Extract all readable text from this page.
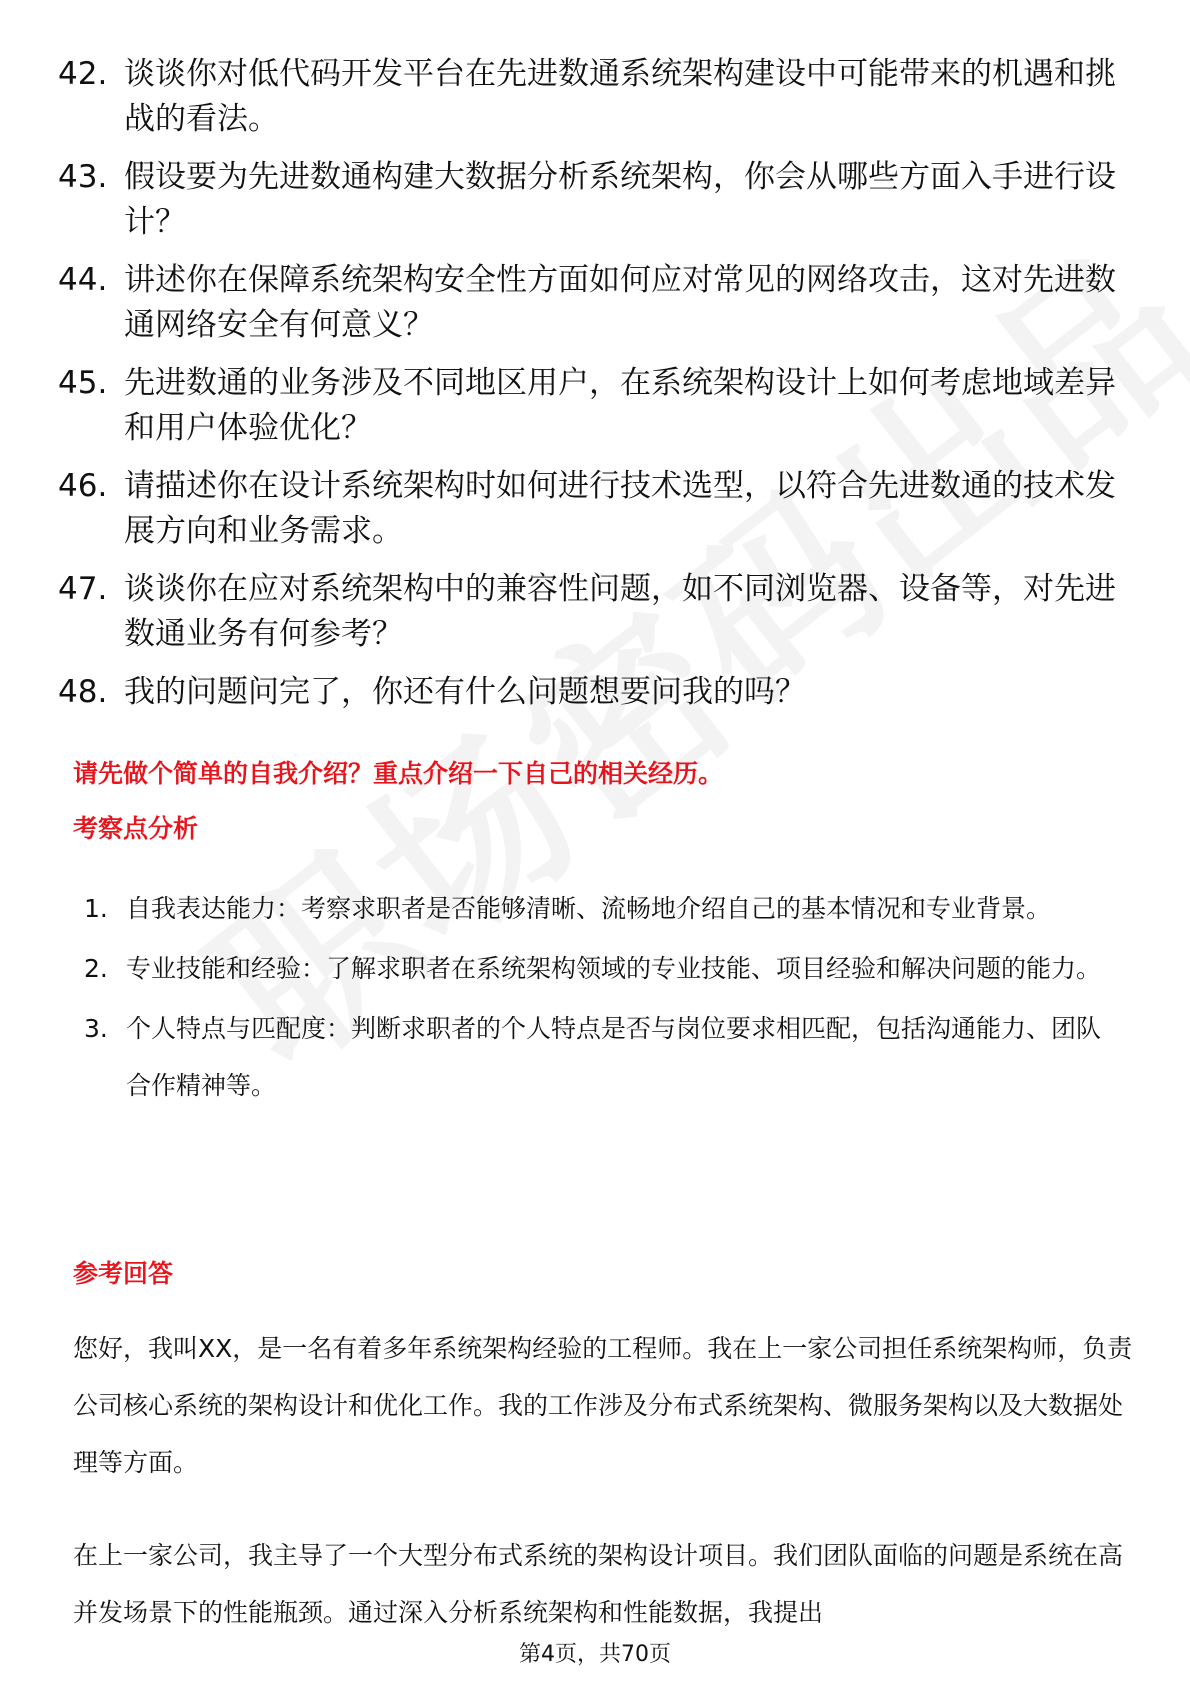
42. 谈谈你对低代码开发平台在先进数通系统架构建设中可能带来的机遇和挑战的看法。
43. 假设要为先进数通构建大数据分析系统架构，你会从哪些方面入手进行设计？
44. 讲述你在保障系统架构安全性方面如何应对常见的网络攻击，这对先进数通网络安全有何意义？
45. 先进数通的业务涉及不同地区用户，在系统架构设计上如何考虑地域差异和用户体验优化？
46. 请描述你在设计系统架构时如何进行技术选型，以符合先进数通的技术发展方向和业务需求。
47. 谈谈你在应对系统架构中的兼容性问题，如不同浏览器、设备等，对先进数通业务有何参考？
48. 我的问题问完了，你还有什么问题想要问我的吗？
请先做个简单的自我介绍？重点介绍一下自己的相关经历。
考察点分析
1. 自我表达能力：考察求职者是否能够清晰、流畅地介绍自己的基本情况和专业背景。
2. 专业技能和经验：了解求职者在系统架构领域的专业技能、项目经验和解决问题的能力。
3. 个人特点与匹配度：判断求职者的个人特点是否与岗位要求相匹配，包括沟通能力、团队合作精神等。
参考回答

您好，我叫XX，是一名有着多年系统架构经验的工程师。我在上一家公司担任系统架构师，负责公司核心系统的架构设计和优化工作。我的工作涉及分布式系统架构、微服务架构以及大数据处理等方面。

在上一家公司，我主导了一个大型分布式系统的架构设计项目。我们团队面临的问题是系统在高并发场景下的性能瓶颈。通过深入分析系统架构和性能数据，我提出

第4页，共70页
